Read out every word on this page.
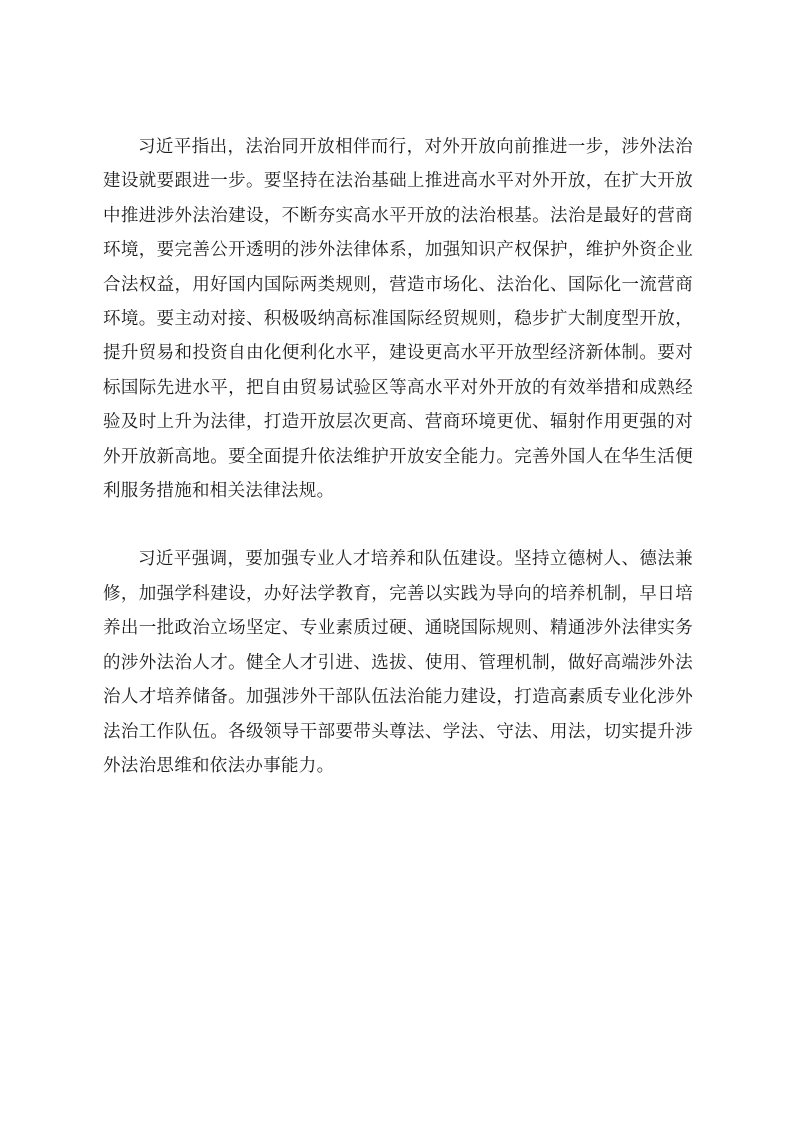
习近平指出，法治同开放相伴而行，对外开放向前推进一步，涉外法治建设就要跟进一步。要坚持在法治基础上推进高水平对外开放，在扩大开放中推进涉外法治建设，不断夯实高水平开放的法治根基。法治是最好的营商环境，要完善公开透明的涉外法律体系，加强知识产权保护，维护外资企业合法权益，用好国内国际两类规则，营造市场化、法治化、国际化一流营商环境。要主动对接、积极吸纳高标准国际经贸规则，稳步扩大制度型开放，提升贸易和投资自由化便利化水平，建设更高水平开放型经济新体制。要对标国际先进水平，把自由贸易试验区等高水平对外开放的有效举措和成熟经验及时上升为法律，打造开放层次更高、营商环境更优、辐射作用更强的对外开放新高地。要全面提升依法维护开放安全能力。完善外国人在华生活便利服务措施和相关法律法规。

习近平强调，要加强专业人才培养和队伍建设。坚持立德树人、德法兼修，加强学科建设，办好法学教育，完善以实践为导向的培养机制，早日培养出一批政治立场坚定、专业素质过硬、通晓国际规则、精通涉外法律实务的涉外法治人才。健全人才引进、选拔、使用、管理机制，做好高端涉外法治人才培养储备。加强涉外干部队伍法治能力建设，打造高素质专业化涉外法治工作队伍。各级领导干部要带头尊法、学法、守法、用法，切实提升涉外法治思维和依法办事能力。
